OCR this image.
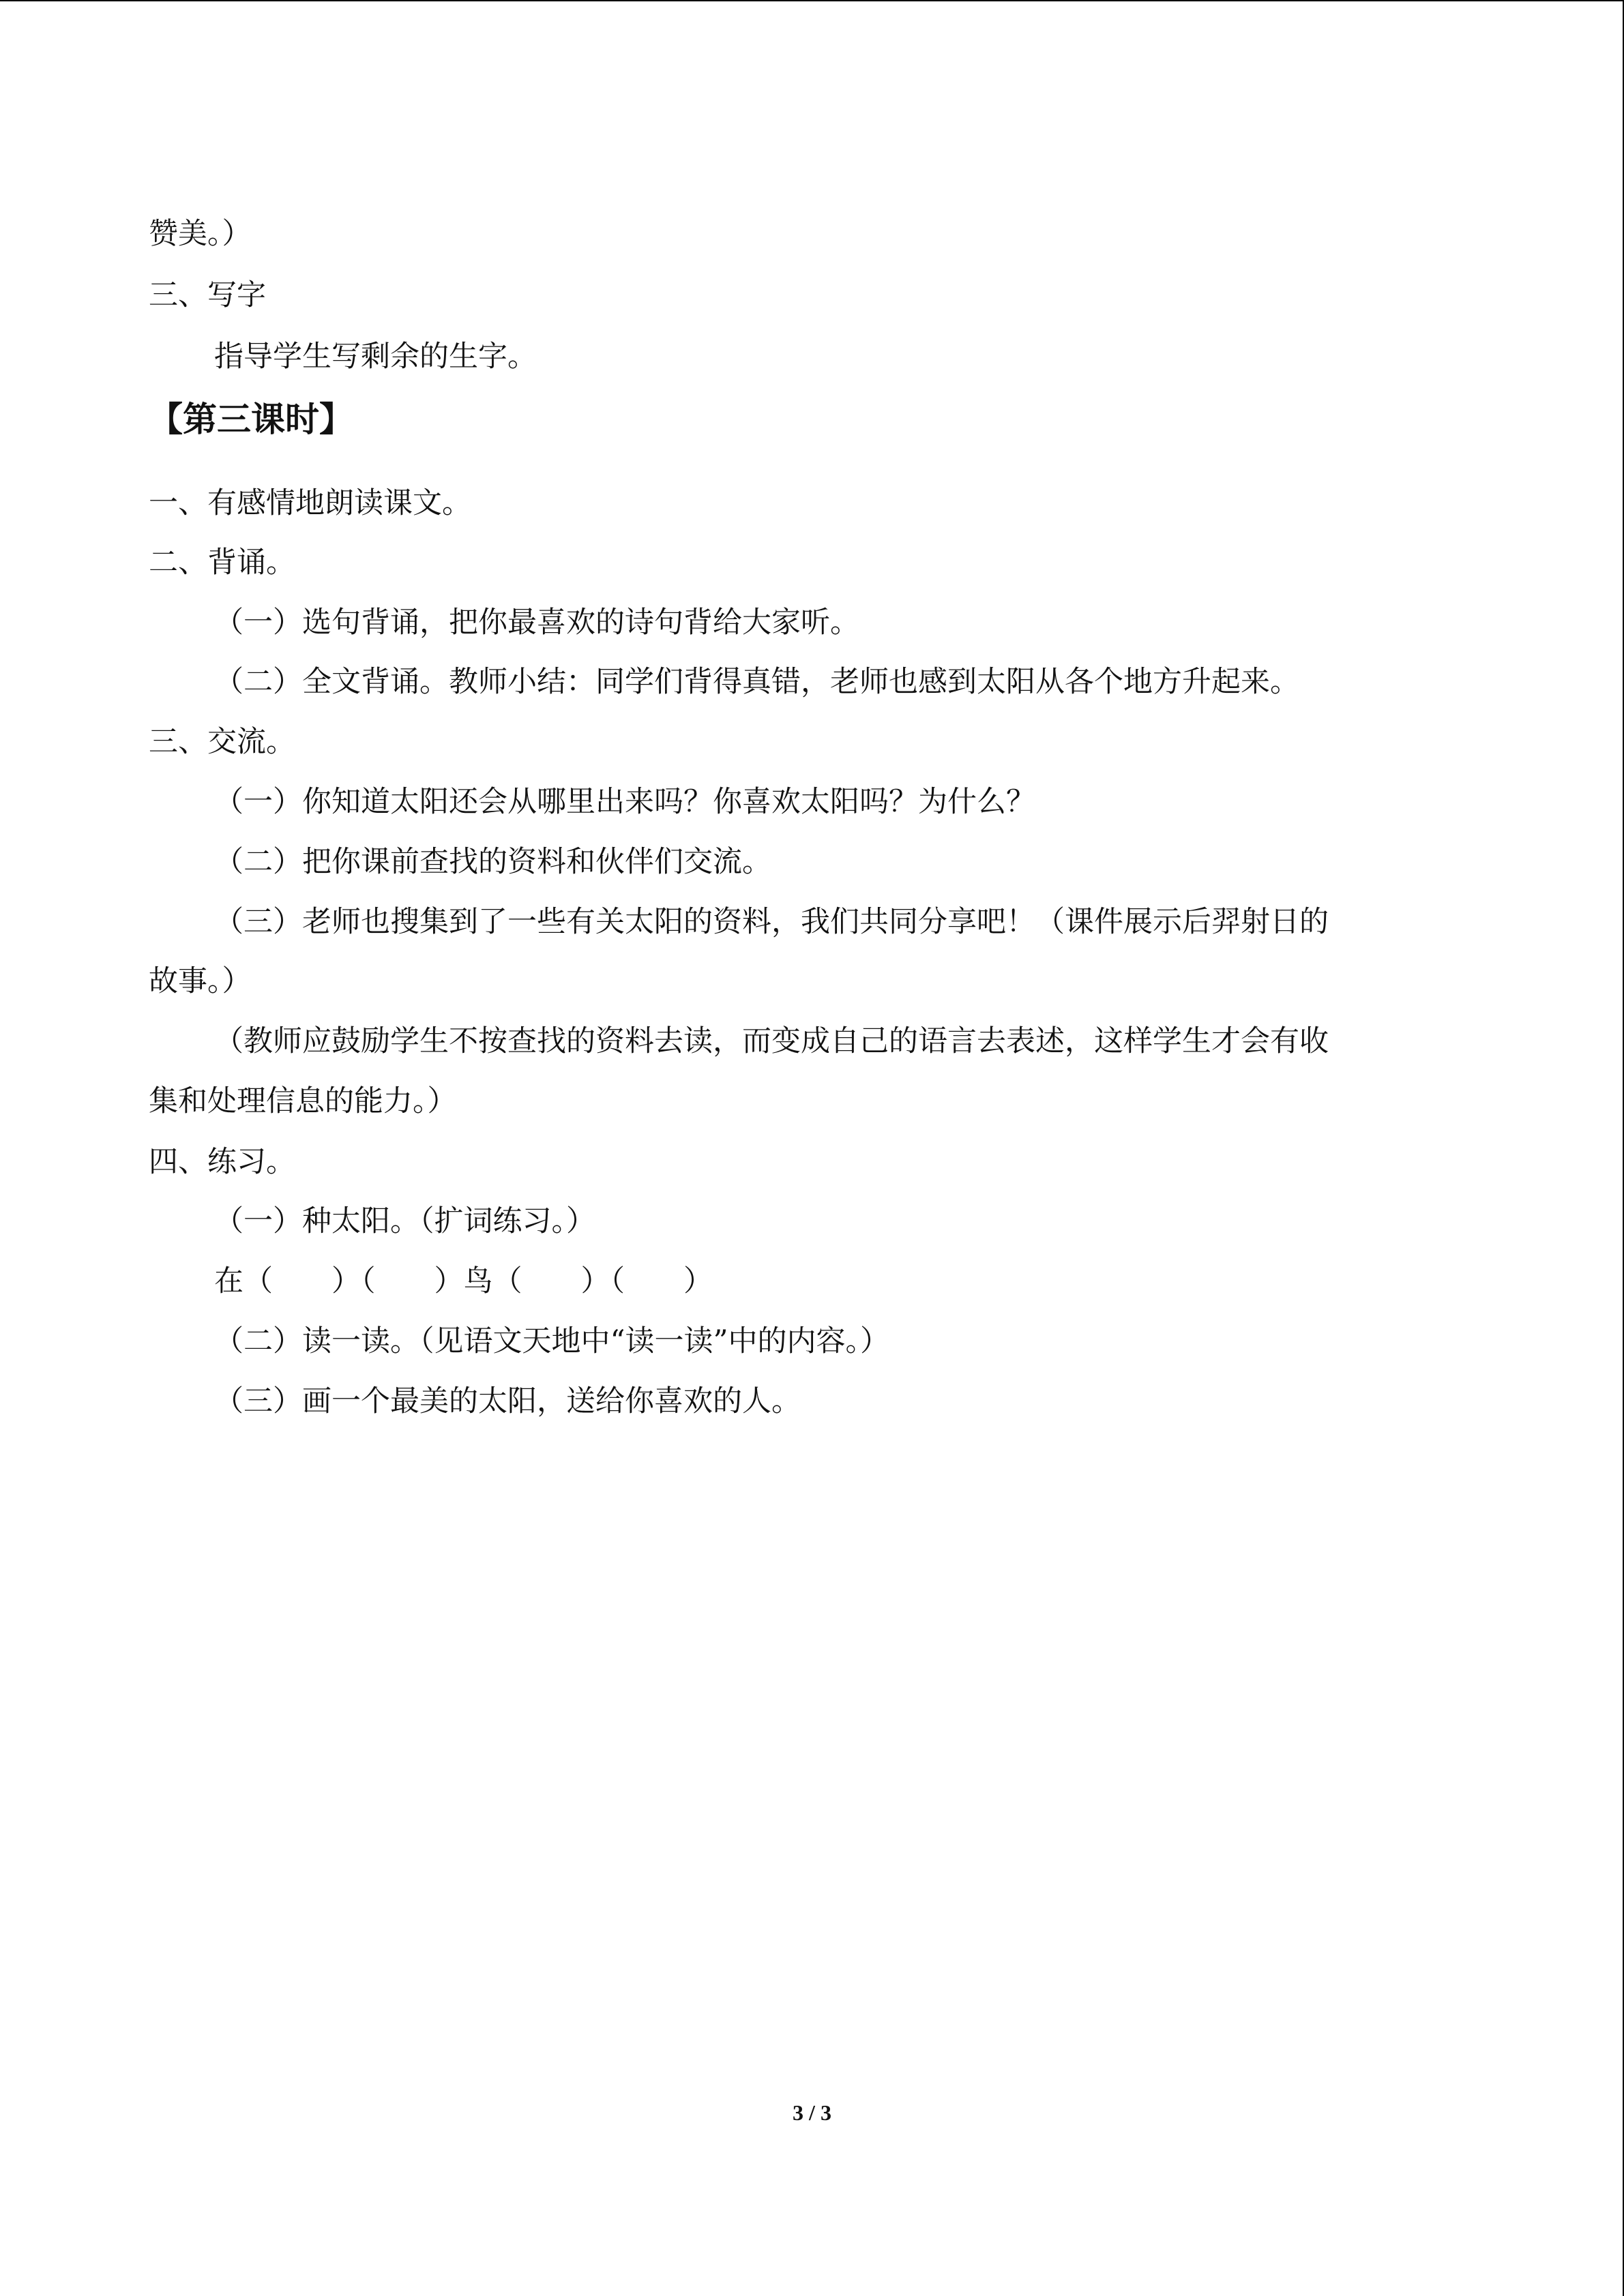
赞美。）
三、写字
指导学生写剩余的生字。
【第三课时】
一、有感情地朗读课文。
二、背诵。
（一）选句背诵，把你最喜欢的诗句背给大家听。
（二）全文背诵。教师小结：同学们背得真错，老师也感到太阳从各个地方升起来。
三、交流。
（一）你知道太阳还会从哪里出来吗？你喜欢太阳吗？为什么？
（二）把你课前查找的资料和伙伴们交流。
（三）老师也搜集到了一些有关太阳的资料，我们共同分享吧！（课件展示后羿射日的
故事。）
（教师应鼓励学生不按查找的资料去读，而变成自己的语言去表述，这样学生才会有收
集和处理信息的能力。）
四、练习。
（一）种太阳。（扩词练习。）
在（　　）（　　）鸟（　　）（　　）
（二）读一读。（见语文天地中“读一读”中的内容。）
（三）画一个最美的太阳，送给你喜欢的人。
3 / 3
